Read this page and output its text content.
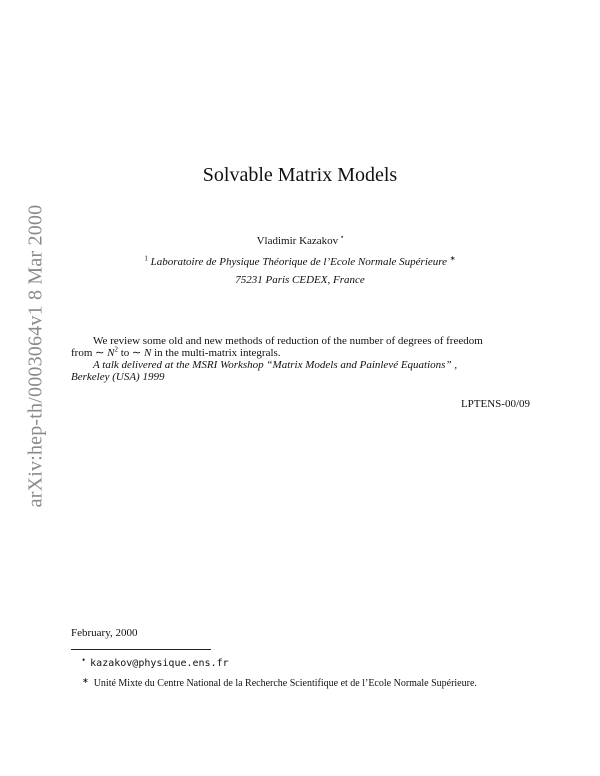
arXiv:hep-th/0003064v1 8 Mar 2000
Solvable Matrix Models
Vladimir Kazakov •
$^1$ Laboratoire de Physique Théorique de l’Ecole Normale Supérieure ∗
75231 Paris CEDEX, France
We review some old and new methods of reduction of the number of degrees of freedom
from ∼ $N^2$ to ∼ N in the multi-matrix integrals.
A talk delivered at the MSRI Workshop “Matrix Models and Painlevé Equations” ,
Berkeley (USA) 1999
LPTENS-00/09
February, 2000
• kazakov@physique.ens.fr
∗ Unité Mixte du Centre National de la Recherche Scientifique et de l’Ecole Normale Supérieure.
